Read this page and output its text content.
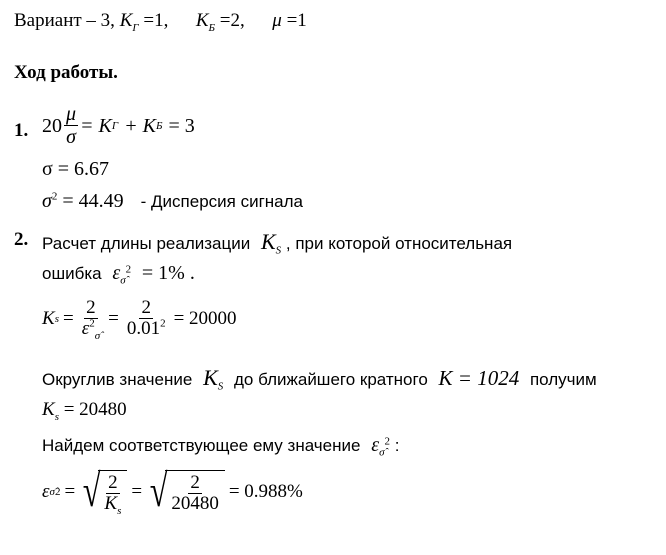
Вариант – 3, $K_Г =1$, $K_Б =2$, μ =1
Ход работы.
1. $20 \frac{\mu}{\sigma} = K$ Г + K Б = 3
σ = 6.67
$\sigma^2 = 44.49$ - Дисперсия сигнала
2. Расчет длины реализации $K_S$ , при которой относительная
ошибка $\varepsilon_{\sigmâ}^2 = 1\%$ .
K $s = \frac{2}{\varepsilon^2_{\sigmâ}} = \frac{2}{0.01^2} = 20000$
Округлив значение $K_S$ до ближайшего кратного K = 1024 получим
$K_s = 20480$
Найдем соответствующее ему значение $\varepsilon_{\sigmâ}^2$ :
ε σ̂ 2 = √ $\frac{2}{K_s}$ = √ $\frac{2}{20480} = 0.988\%$
